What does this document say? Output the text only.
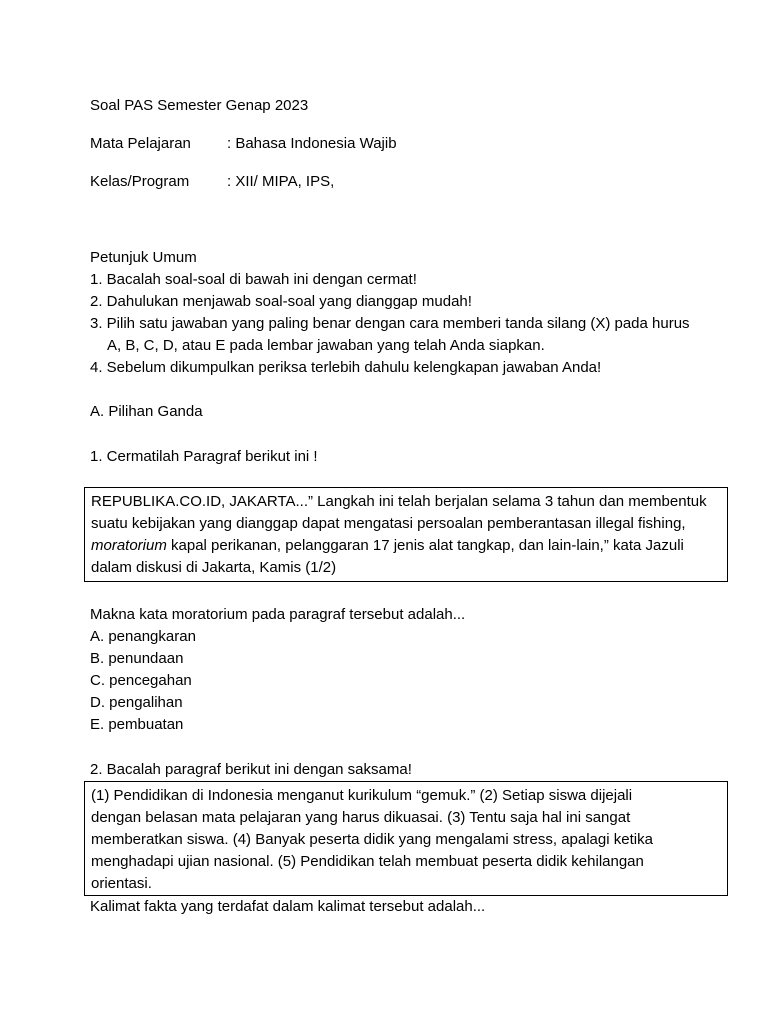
Soal PAS Semester Genap 2023
Mata Pelajaran : Bahasa Indonesia Wajib
Kelas/Program	: XII/ MIPA, IPS,
Petunjuk Umum
1. Bacalah soal-soal di bawah ini dengan cermat!
2. Dahulukan menjawab soal-soal yang dianggap mudah!
3. Pilih satu jawaban yang paling benar dengan cara memberi tanda silang (X) pada hurus
A, B, C, D, atau E pada lembar jawaban yang telah Anda siapkan.
4. Sebelum dikumpulkan periksa terlebih dahulu kelengkapan jawaban Anda!
A. Pilihan Ganda
1. Cermatilah Paragraf berikut ini !

REPUBLIKA.CO.ID, JAKARTA...” Langkah ini telah berjalan selama 3 tahun dan membentuk

suatu kebijakan yang dianggap dapat mengatasi persoalan pemberantasan illegal fishing,

moratorium kapal perikanan, pelanggaran 17 jenis alat tangkap, dan lain-lain,” kata Jazuli

dalam diskusi di Jakarta, Kamis (1/2)

Makna kata moratorium pada paragraf tersebut adalah...
A. penangkaran
B. penundaan
C. pencegahan
D. pengalihan
E. pembuatan
2. Bacalah paragraf berikut ini dengan saksama!

(1) Pendidikan di Indonesia menganut kurikulum “gemuk.” (2) Setiap siswa dijejali

dengan belasan mata pelajaran yang harus dikuasai. (3) Tentu saja hal ini sangat

memberatkan siswa. (4) Banyak peserta didik yang mengalami stress, apalagi ketika

menghadapi ujian nasional. (5) Pendidikan telah membuat peserta didik kehilangan

orientasi.

Kalimat fakta yang terdafat dalam kalimat tersebut adalah...
